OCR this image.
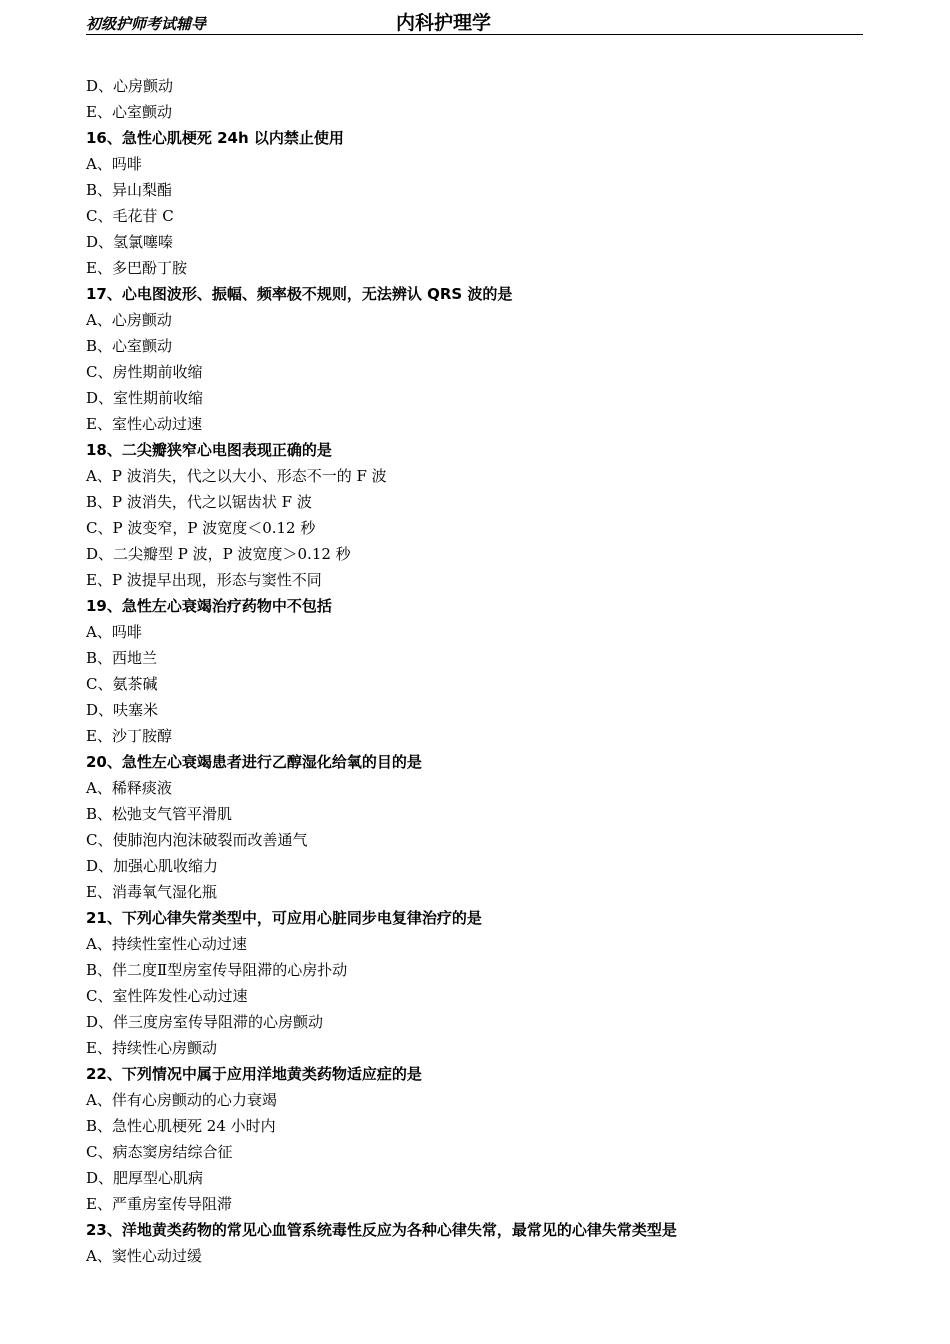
初级护师考试辅导	内科护理学
D、心房颤动
E、心室颤动
16、急性心肌梗死 24h 以内禁止使用
A、吗啡
B、异山梨酯
C、毛花苷 C
D、氢氯噻嗪
E、多巴酚丁胺
17、心电图波形、振幅、频率极不规则，无法辨认 QRS 波的是
A、心房颤动
B、心室颤动
C、房性期前收缩
D、室性期前收缩
E、室性心动过速
18、二尖瓣狭窄心电图表现正确的是
A、P 波消失，代之以大小、形态不一的 F 波
B、P 波消失，代之以锯齿状 F 波
C、P 波变窄，P 波宽度＜0.12 秒
D、二尖瓣型 P 波，P 波宽度＞0.12 秒
E、P 波提早出现，形态与窦性不同
19、急性左心衰竭治疗药物中不包括
A、吗啡
B、西地兰
C、氨茶碱
D、呋塞米
E、沙丁胺醇
20、急性左心衰竭患者进行乙醇湿化给氧的目的是
A、稀释痰液
B、松弛支气管平滑肌
C、使肺泡内泡沫破裂而改善通气
D、加强心肌收缩力
E、消毒氧气湿化瓶
21、下列心律失常类型中，可应用心脏同步电复律治疗的是
A、持续性室性心动过速
B、伴二度Ⅱ型房室传导阻滞的心房扑动
C、室性阵发性心动过速
D、伴三度房室传导阻滞的心房颤动
E、持续性心房颤动
22、下列情况中属于应用洋地黄类药物适应症的是
A、伴有心房颤动的心力衰竭
B、急性心肌梗死 24 小时内
C、病态窦房结综合征
D、肥厚型心肌病
E、严重房室传导阻滞
23、洋地黄类药物的常见心血管系统毒性反应为各种心律失常，最常见的心律失常类型是
A、窦性心动过缓
